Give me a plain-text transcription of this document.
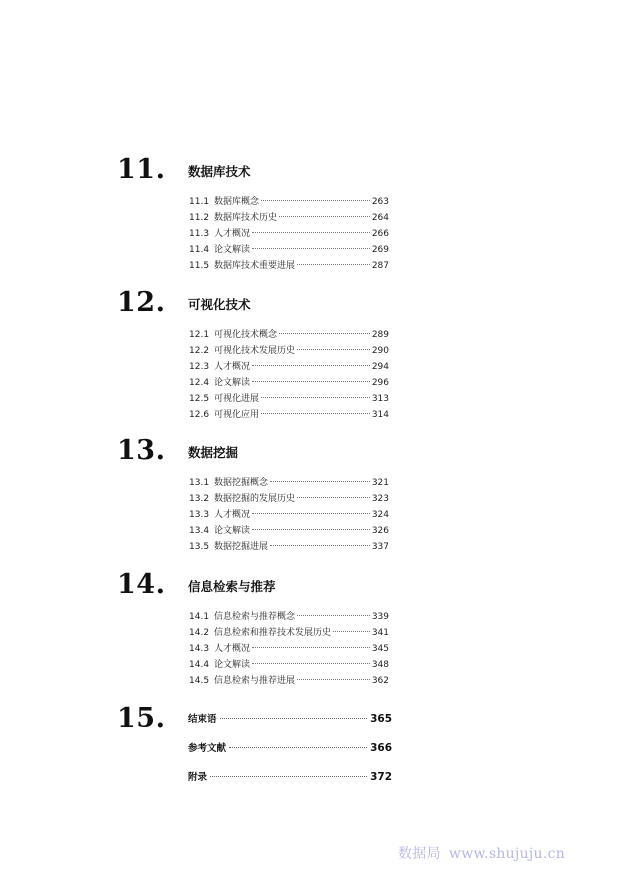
11. 数据库技术
11.1 数据库概念	263
11.2 数据库技术历史	264
11.3 人才概况	266
11.4 论文解读	269
11.5 数据库技术重要进展	287
12. 可视化技术
12.1 可视化技术概念	289
12.2 可视化技术发展历史	290
12.3 人才概况	294
12.4 论文解读	296
12.5 可视化进展	313
12.6 可视化应用	314
13. 数据挖掘
13.1 数据挖掘概念	321
13.2 数据挖掘的发展历史	323
13.3 人才概况	324
13.4 论文解读	326
13.5 数据挖掘进展	337
14. 信息检索与推荐
14.1 信息检索与推荐概念	339
14.2 信息检索和推荐技术发展历史	341
14.3 人才概况	345
14.4 论文解读	348
14.5 信息检索与推荐进展	362
15. 结束语	365
参考文献	366
附录	372
数据局 www.shujuju.cn
